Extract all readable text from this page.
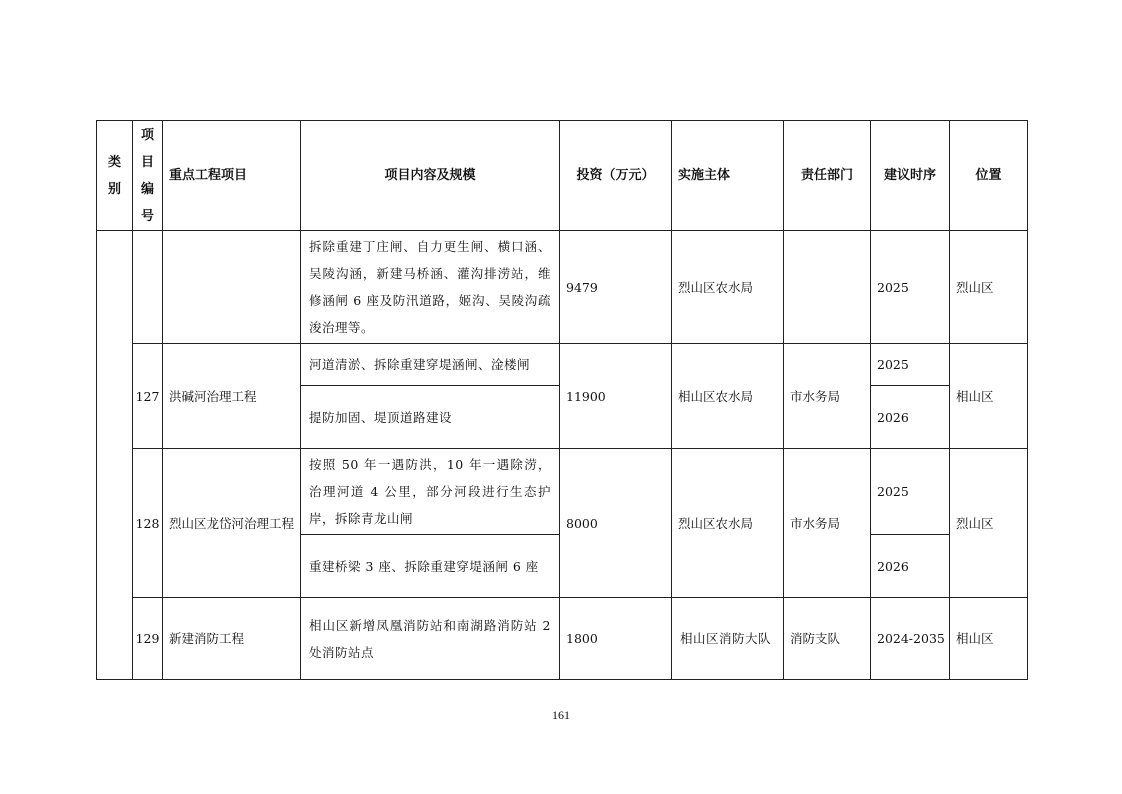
类别	项目编号	重点工程项目	项目内容及规模	投资（万元）	实施主体	责任部门	建议时序	位置
			拆除重建丁庄闸、自力更生闸、横口涵、吴陵沟涵，新建马桥涵、灌沟排涝站，维修涵闸 6 座及防汛道路，姬沟、吴陵沟疏浚治理等。	9479	烈山区农水局		2025	烈山区
	127	洪碱河治理工程	河道清淤、拆除重建穿堤涵闸、淦楼闸	11900	相山区农水局	市水务局	2025	相山区
			提防加固、堤顶道路建设				2026	
	128	烈山区龙岱河治理工程	按照 50 年一遇防洪，10 年一遇除涝，治理河道 4 公里，部分河段进行生态护岸，拆除青龙山闸	8000	烈山区农水局	市水务局	2025	烈山区
			重建桥梁 3 座、拆除重建穿堤涵闸 6 座				2026	
	129	新建消防工程	相山区新增凤凰消防站和南湖路消防站 2 处消防站点	1800	相山区消防大队	消防支队	2024-2035	相山区
161
